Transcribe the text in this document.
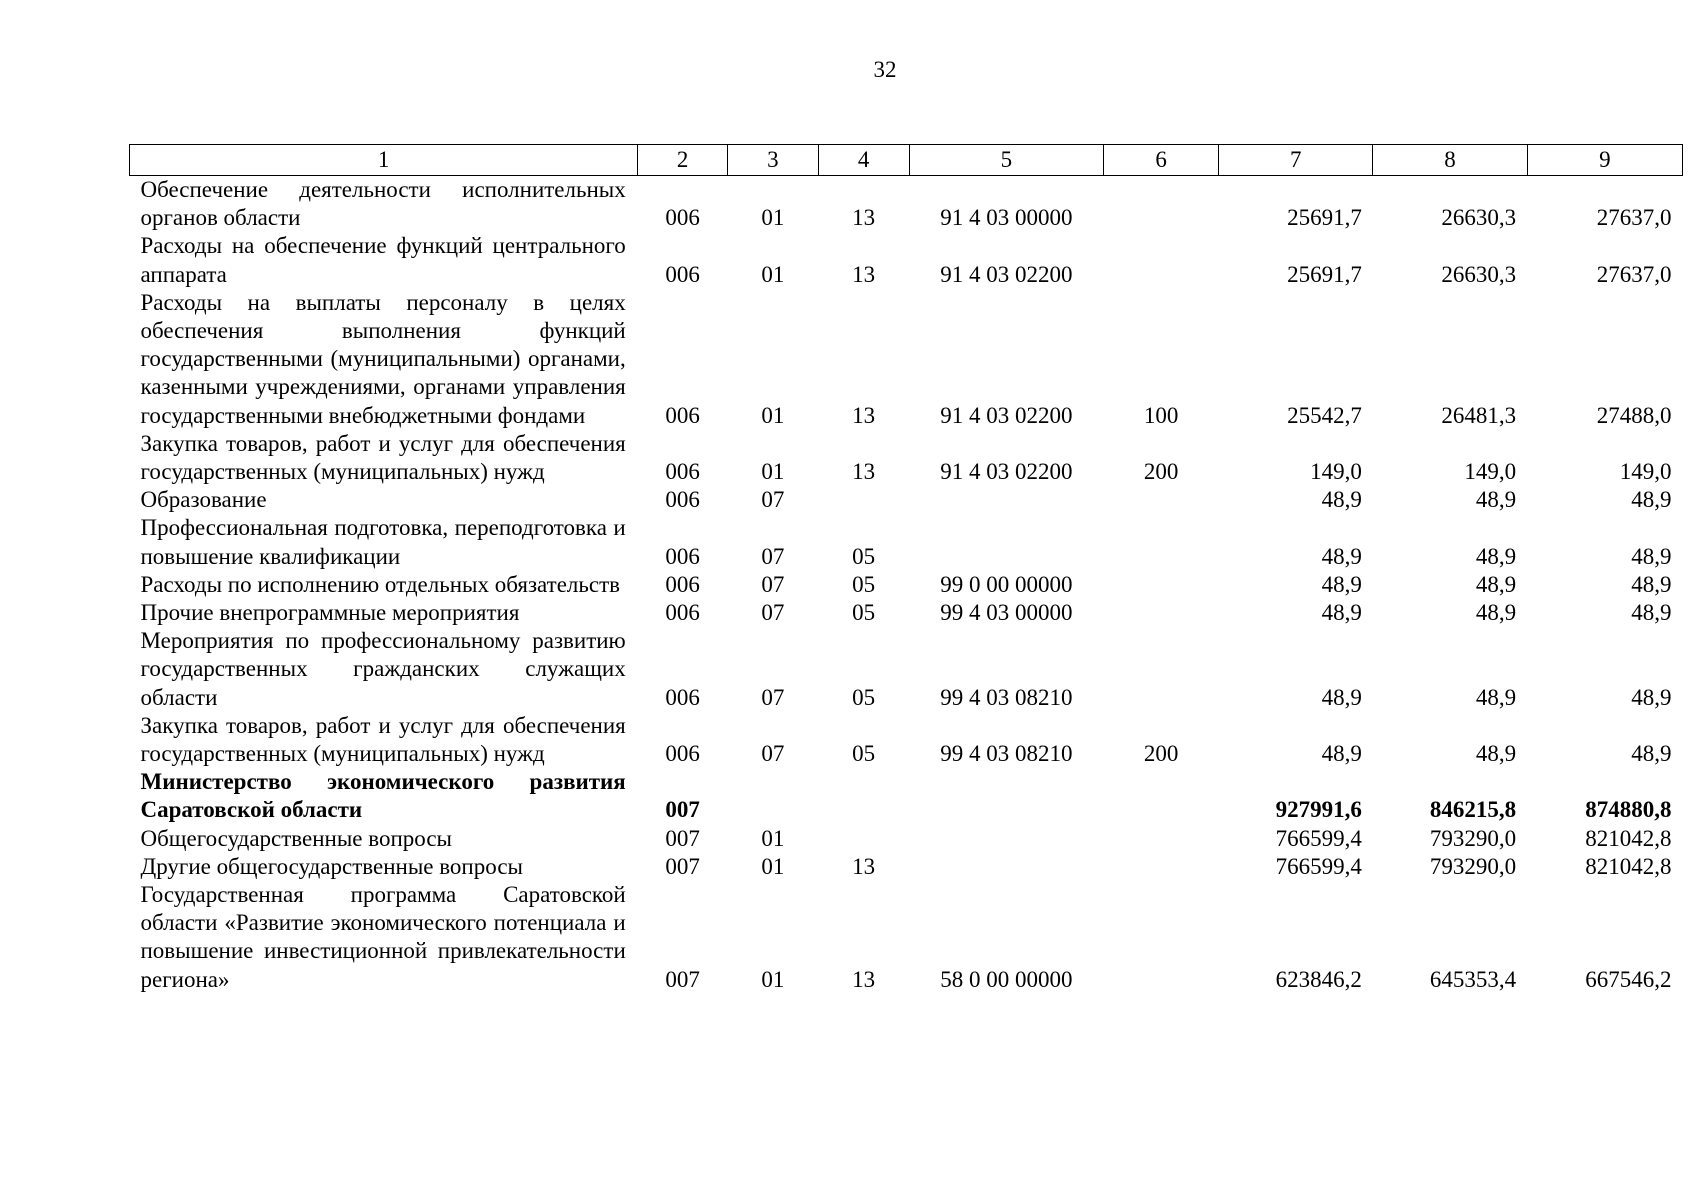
32
1	2	3	4	5	6	7	8	9
Обеспечение деятельности исполнительных органов области	006	01	13	91 4 03 00000		25691,7	26630,3	27637,0
Расходы на обеспечение функций центрального аппарата	006	01	13	91 4 03 02200		25691,7	26630,3	27637,0
Расходы на выплаты персоналу в целях обеспечения выполнения функций государственными (муниципальными) органами, казенными учреждениями, органами управления государственными внебюджетными фондами	006	01	13	91 4 03 02200	100	25542,7	26481,3	27488,0
Закупка товаров, работ и услуг для обеспечения государственных (муниципальных) нужд	006	01	13	91 4 03 02200	200	149,0	149,0	149,0
Образование	006	07				48,9	48,9	48,9
Профессиональная подготовка, переподготовка и повышение квалификации	006	07	05			48,9	48,9	48,9
Расходы по исполнению отдельных обязательств	006	07	05	99 0 00 00000		48,9	48,9	48,9
Прочие внепрограммные мероприятия	006	07	05	99 4 03 00000		48,9	48,9	48,9
Мероприятия по профессиональному развитию государственных гражданских служащих области	006	07	05	99 4 03 08210		48,9	48,9	48,9
Закупка товаров, работ и услуг для обеспечения государственных (муниципальных) нужд	006	07	05	99 4 03 08210	200	48,9	48,9	48,9
Министерство экономического развития Саратовской области	007					927991,6	846215,8	874880,8
Общегосударственные вопросы	007	01				766599,4	793290,0	821042,8
Другие общегосударственные вопросы	007	01	13			766599,4	793290,0	821042,8
Государственная программа Саратовской области «Развитие экономического потенциала и повышение инвестиционной привлекательности региона»	007	01	13	58 0 00 00000		623846,2	645353,4	667546,2
